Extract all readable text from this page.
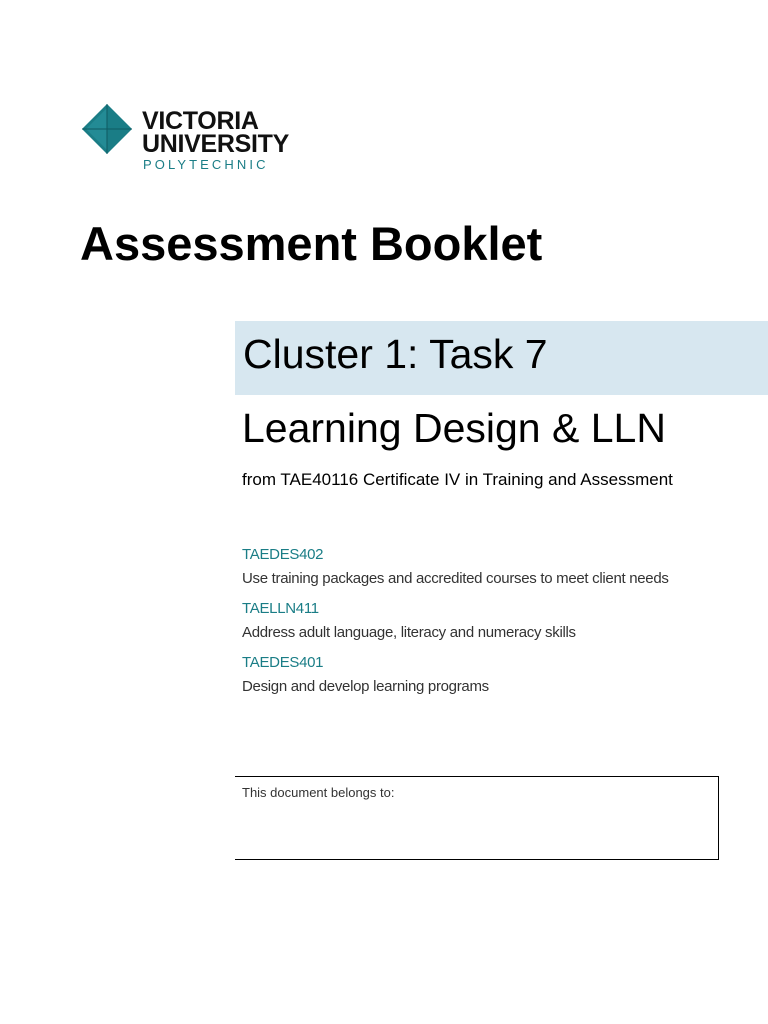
VICTORIA
UNIVERSITY
POLYTECHNIC
Assessment Booklet
Cluster 1: Task 7
Learning Design & LLN

from TAE40116 Certificate IV in Training and Assessment

TAEDES402
Use training packages and accredited courses to meet client needs
TAELLN411
Address adult language, literacy and numeracy skills
TAEDES401
Design and develop learning programs
This document belongs to:
